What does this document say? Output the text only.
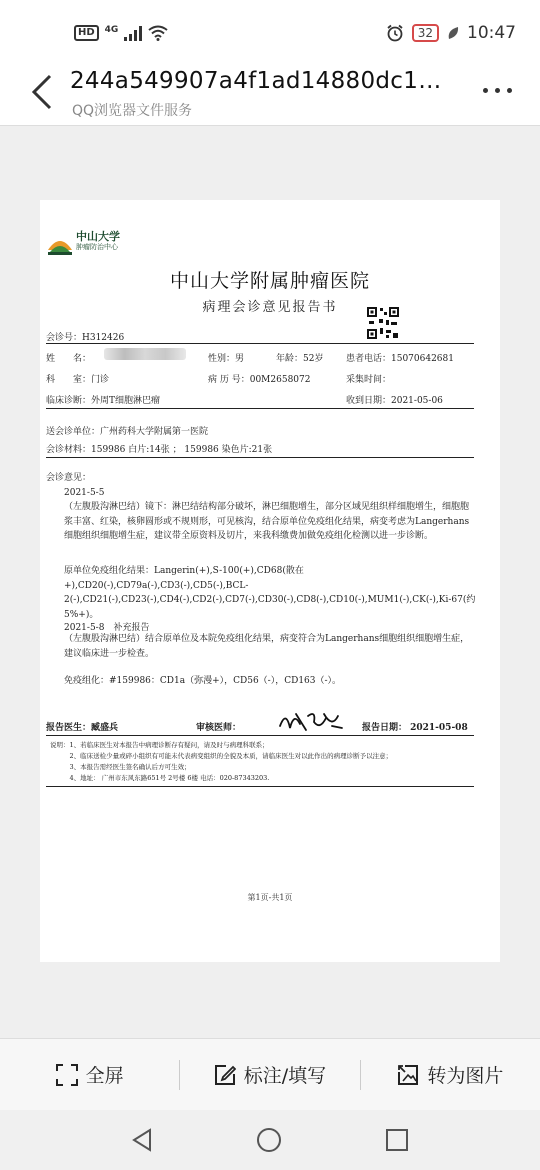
HD	4G	32	10:47
244a549907a4f1ad14880dc1…
QQ浏览器文件服务
中山大学
肿瘤防治中心
中山大学附属肿瘤医院
病理会诊意见报告书
会诊号：H312426
姓　　名：	性别：男	年龄：52岁	患者电话：15070642681
科　　室：门诊	病 历 号：00M2658072	采集时间：
临床诊断：外周T细胞淋巴瘤	收到日期：2021-05-06
送会诊单位：广州药科大学附属第一医院
会诊材料：159986 白片:14张 ； 159986 染色片:21张
会诊意见：
2021-5-5
（左腹股沟淋巴结）镜下：淋巴结结构部分破坏，淋巴细胞增生，部分区域见组织样细胞增生，细胞胞浆丰富、红染，核卵圆形或不规则形，可见核沟，结合原单位免疫组化结果，病变考虑为Langerhans细胞组织细胞增生症，建议带全原资料及切片，来我科缴费加做免疫组化检测以进一步诊断。
原单位免疫组化结果：Langerin(+),S-100(+),CD68(散在+),CD20(-),CD79a(-),CD3(-),CD5(-),BCL-2(-),CD21(-),CD23(-),CD4(-),CD2(-),CD7(-),CD30(-),CD8(-),CD10(-),MUM1(-),CK(-),Ki-67(约5%+)。
2021-5-8　补充报告
（左腹股沟淋巴结）结合原单位及本院免疫组化结果，病变符合为Langerhans细胞组织细胞增生症，建议临床进一步检查。
免疫组化：#159986：CD1a（弥漫+），CD56（-），CD163（-）。
报告医生：臧盛兵	审核医师：	报告日期： 2021-05-08
说明：1、若临床医生对本报告中病理诊断存有疑问，请及时与病理科联系；
　　　2、临床送检少量或碎小组织有可能未代表病变组织的全貌及本质，请临床医生对以此作出的病理诊断予以注意；
　　　3、本报告需经医生签名确认后方可生效；
　　　4、地址： 广州市东风东路651号 2号楼 6楼 电话：020-87343203.
第1页-共1页
全屏	标注/填写	转为图片
